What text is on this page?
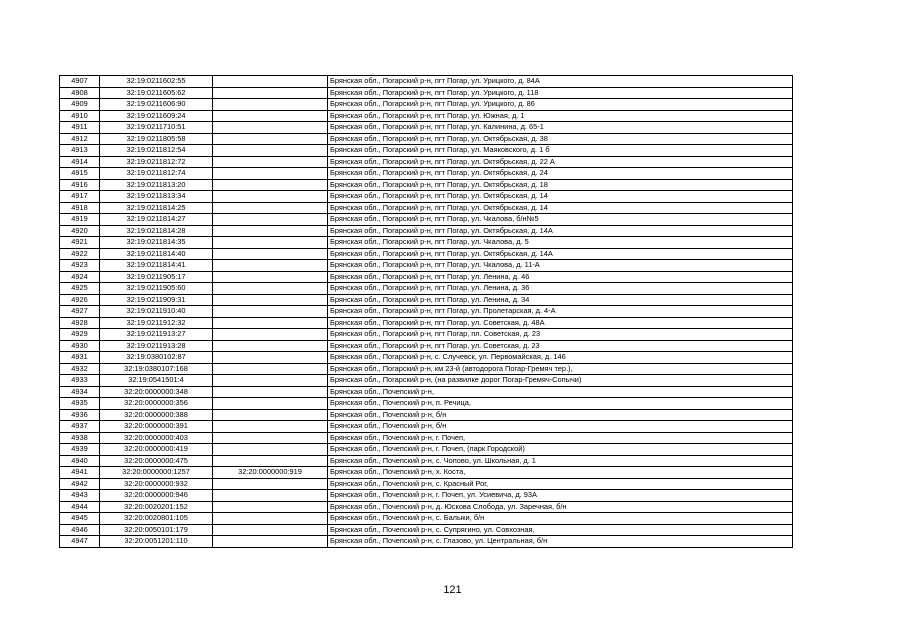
4907	32:19:0211602:55		Брянская обл., Погарский р-н, пгт Погар, ул. Урицкого, д. 84А
4908	32:19:0211605:62		Брянская обл., Погарский р-н, пгт Погар, ул. Урицкого, д. 118
4909	32:19:0211606:90		Брянская обл., Погарский р-н, пгт Погар, ул. Урицкого, д. 86
4910	32:19:0211609:24		Брянская обл., Погарский р-н, пгт Погар, ул. Южная, д. 1
4911	32:19:0211710:51		Брянская обл., Погарский р-н, пгт Погар, ул. Калинина, д. 65-1
4912	32:19:0211805:58		Брянская обл., Погарский р-н, пгт Погар, ул. Октябрьская, д. 38
4913	32:19:0211812:54		Брянская обл., Погарский р-н, пгт Погар, ул. Маяковского, д. 1 б
4914	32:19:0211812:72		Брянская обл., Погарский р-н, пгт Погар, ул. Октябрьская, д. 22 А
4915	32:19:0211812:74		Брянская обл., Погарский р-н, пгт Погар, ул. Октябрьская, д. 24
4916	32:19:0211813:20		Брянская обл., Погарский р-н, пгт Погар, ул. Октябрьская, д. 18
4917	32:19:0211813:34		Брянская обл., Погарский р-н, пгт Погар, ул. Октябрьская, д. 14
4918	32:19:0211814:25		Брянская обл., Погарский р-н, пгт Погар, ул. Октябрьская, д. 14
4919	32:19:0211814:27		Брянская обл., Погарский р-н, пгт Погар, ул. Чкалова, б/н№5
4920	32:19:0211814:28		Брянская обл., Погарский р-н, пгт Погар, ул. Октябрьская, д. 14А
4921	32:19:0211814:35		Брянская обл., Погарский р-н, пгт Погар, ул. Чкалова, д. 5
4922	32:19:0211814:40		Брянская обл., Погарский р-н, пгт Погар, ул. Октябрьская, д. 14А
4923	32:19:0211814:41		Брянская обл., Погарский р-н, пгт Погар, ул. Чкалова, д. 11-А
4924	32:19:0211905:17		Брянская обл., Погарский р-н, пгт Погар, ул. Ленина, д. 46
4925	32:19:0211905:60		Брянская обл., Погарский р-н, пгт Погар, ул. Ленина, д. 36
4926	32:19:0211909:31		Брянская обл., Погарский р-н, пгт Погар, ул. Ленина, д. 34
4927	32:19:0211910:40		Брянская обл., Погарский р-н, пгт Погар, ул. Пролетарская, д. 4-А
4928	32:19:0211912:32		Брянская обл., Погарский р-н, пгт Погар, ул. Советская, д. 48А
4929	32:19:0211913:27		Брянская обл., Погарский р-н, пгт Погар, пл. Советская, д. 23
4930	32:19:0211913:28		Брянская обл., Погарский р-н, пгт Погар, ул. Советская, д. 23
4931	32:19:0380102:87		Брянская обл., Погарский р-н, с. Случевск, ул. Первомайская, д. 146
4932	32:19:0380107:168		Брянская обл., Погарский р-н, км 23-й (автодорога Погар-Гремяч тер.),
4933	32:19:0541501:4		Брянская обл., Погарский р-н, (на развилке дорог Погар-Гремяч-Сопычи)
4934	32:20:0000000:348		Брянская обл., Почепский р-н,
4935	32:20:0000000:356		Брянская обл., Почепский р-н, п. Речица,
4936	32:20:0000000:388		Брянская обл., Почепский р-н, б/н
4937	32:20:0000000:391		Брянская обл., Почепский р-н, б/н
4938	32:20:0000000:403		Брянская обл., Почепский р-н, г. Почеп,
4939	32:20:0000000:419		Брянская обл., Почепский р-н, г. Почеп, (парк Городской)
4940	32:20:0000000:475		Брянская обл., Почепский р-н, с. Чопово, ул. Школьная, д. 1
4941	32:20:0000000:1257	32:20:0000000:919	Брянская обл., Почепский р-н, х. Коста,
4942	32:20:0000000:932		Брянская обл., Почепский р-н, с. Красный Рог,
4943	32:20:0000000:946		Брянская обл., Почепский р-н, г. Почеп, ул. Усиевича, д. 93А
4944	32:20:0020201:152		Брянская обл., Почепский р-н, д. Юскова Слобода, ул. Заречная, б/н
4945	32:20:0020801:105		Брянская обл., Почепский р-н, с. Балыки, б/н
4946	32:20:0050101:179		Брянская обл., Почепский р-н, с. Супрягино, ул. Совхозная,
4947	32:20:0051201:110		Брянская обл., Почепский р-н, с. Глазово, ул. Центральная, б/н
121
